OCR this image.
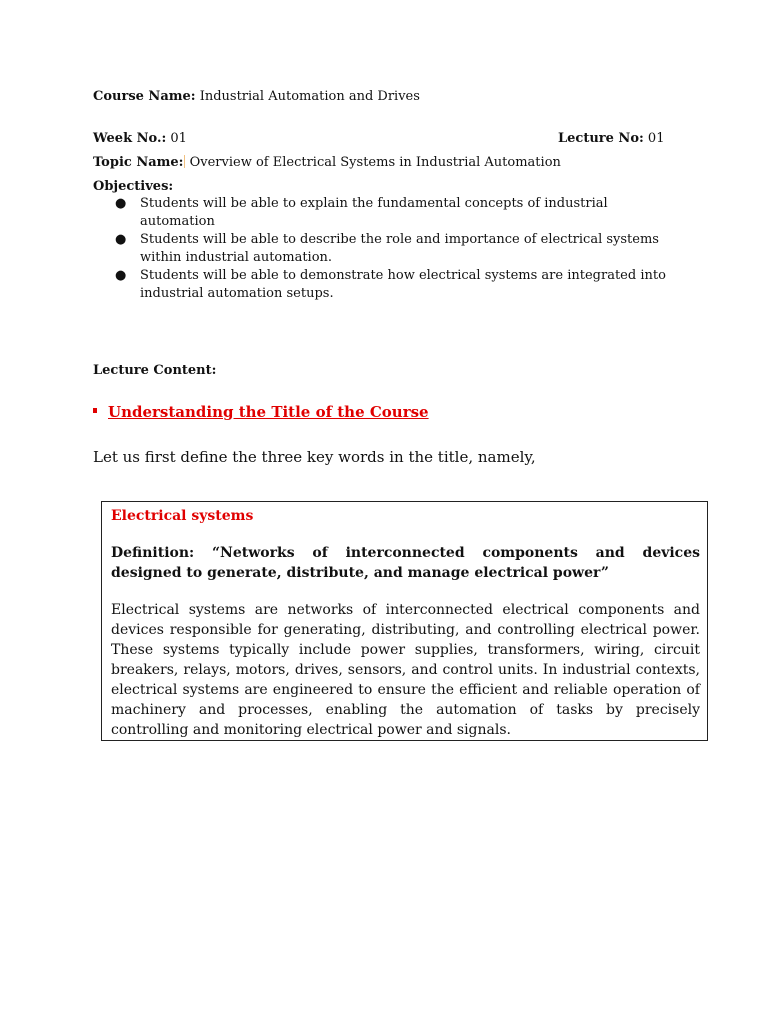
Course Name: Industrial Automation and Drives
Week No.: 01	Lecture No: 01
Topic Name: Overview of Electrical Systems in Industrial Automation
Objectives:
● Students will be able to explain the fundamental concepts of industrial
automation
● Students will be able to describe the role and importance of electrical systems
within industrial automation.
● Students will be able to demonstrate how electrical systems are integrated into
industrial automation setups.
Lecture Content:
Understanding the Title of the Course
Let us first define the three key words in the title, namely,
Electrical systems
Definition: “Networks of interconnected components and devices
designed to generate, distribute, and manage electrical power”
Electrical systems are networks of interconnected electrical components and devices responsible for generating, distributing, and controlling electrical power. These systems typically include power supplies, transformers, wiring, circuit breakers, relays, motors, drives, sensors, and control units. In industrial contexts, electrical systems are engineered to ensure the efficient and reliable operation of machinery and processes, enabling the automation of tasks by precisely controlling and monitoring electrical power and signals.
